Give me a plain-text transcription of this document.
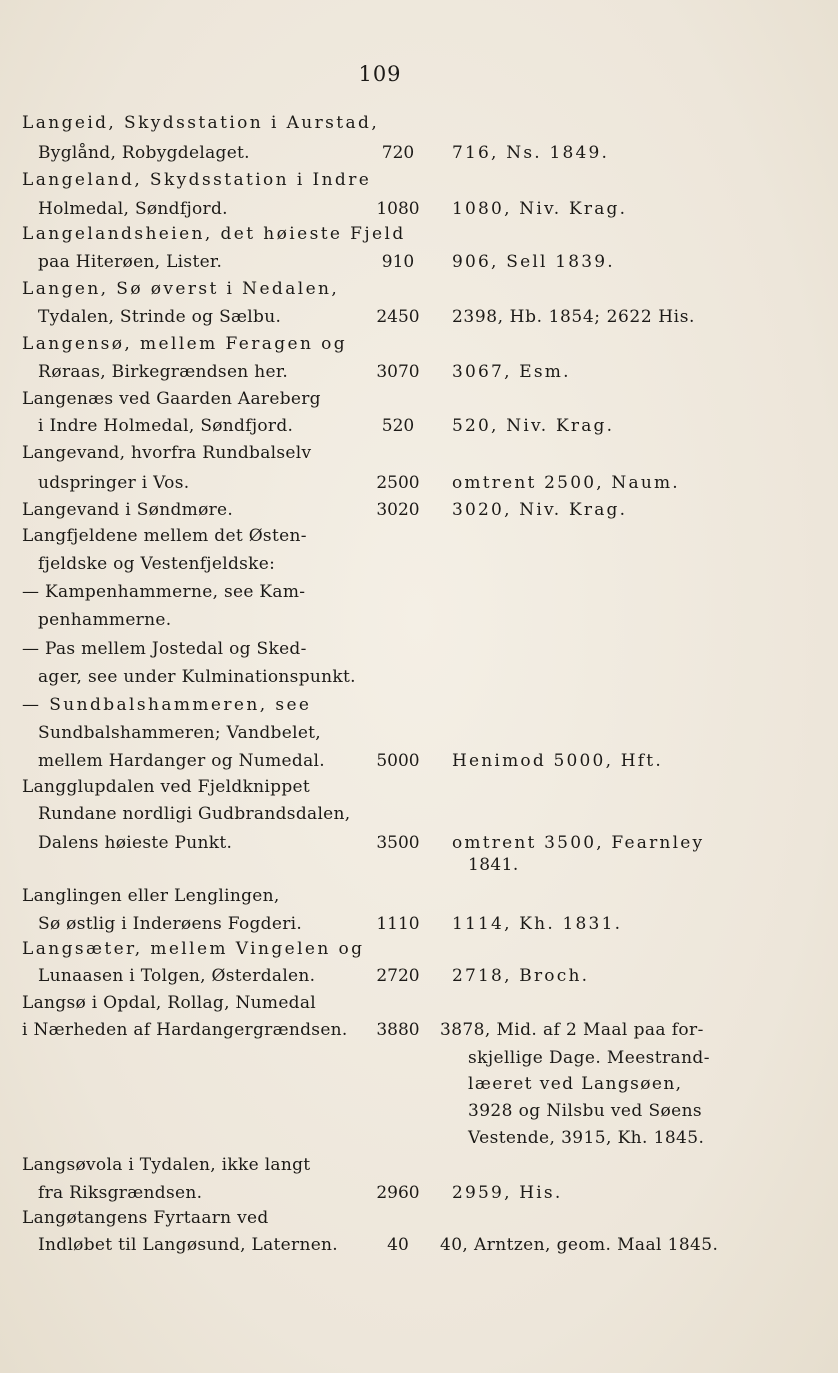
109
Langeid, Skydsstation i Aurstad,
Byglånd, Robygdelaget.	720	716, Ns. 1849.
Langeland, Skydsstation i Indre
Holmedal, Søndfjord.	1080	1080, Niv. Krag.
Langelandsheien, det høieste Fjeld
paa Hiterøen, Lister.	910	906, Sell 1839.
Langen, Sø øverst i Nedalen,
Tydalen, Strinde og Sælbu.	2450	2398, Hb. 1854; 2622 His.
Langensø, mellem Feragen og
Røraas, Birkegrændsen her.	3070	3067, Esm.
Langenæs ved Gaarden Aareberg
i Indre Holmedal, Søndfjord.	520	520, Niv. Krag.
Langevand, hvorfra Rundbalselv
udspringer i Vos.	2500	omtrent 2500, Naum.
Langevand i Søndmøre.	3020	3020, Niv. Krag.
Langfjeldene mellem det Østen-
fjeldske og Vestenfjeldske:
— Kampenhammerne, see Kam-
penhammerne.
— Pas mellem Jostedal og Sked-
ager, see under Kulminationspunkt.
— Sundbalshammeren, see
Sundbalshammeren; Vandbelet,
mellem Hardanger og Numedal.	5000	Henimod 5000, Hft.
Langglupdalen ved Fjeldknippet
Rundane nordligi Gudbrandsdalen,
Dalens høieste Punkt.	3500	omtrent 3500, Fearnley
1841.
Langlingen eller Lenglingen,
Sø østlig i Inderøens Fogderi.	1110	1114, Kh. 1831.
Langsæter, mellem Vingelen og
Lunaasen i Tolgen, Østerdalen.	2720	2718, Broch.
Langsø i Opdal, Rollag, Numedal
i Nærheden af Hardangergrændsen.	3880	3878, Mid. af 2 Maal paa for-
skjellige Dage. Meestrand-
læeret ved Langsøen,
3928 og Nilsbu ved Søens
Vestende, 3915, Kh. 1845.
Langsøvola i Tydalen, ikke langt
fra Riksgrændsen.	2960	2959, His.
Langøtangens Fyrtaarn ved
Indløbet til Langøsund, Laternen.	40	40, Arntzen, geom. Maal 1845.
